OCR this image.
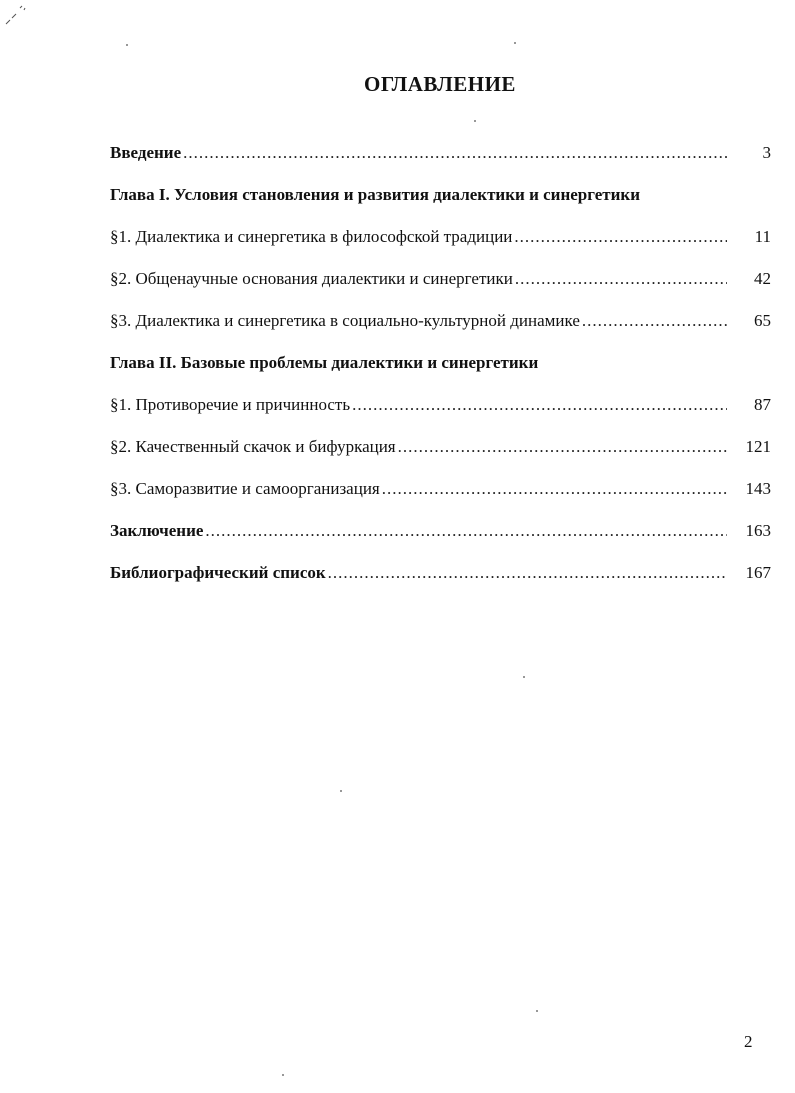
ОГЛАВЛЕНИЕ
Введение .....	3
Глава I. Условия становления и развития диалектики и синергетики
§1. Диалектика и синергетика в философской традиции .....	11
§2. Общенаучные основания диалектики и синергетики .....	42
§3. Диалектика и синергетика в социально-культурной динамике .....	65
Глава II. Базовые проблемы диалектики и синергетики
§1. Противоречие и причинность .....	87
§2. Качественный скачок и бифуркация .....	121
§3. Саморазвитие и самоорганизация .....	143
Заключение .....	163
Библиографический список .....	167
2
